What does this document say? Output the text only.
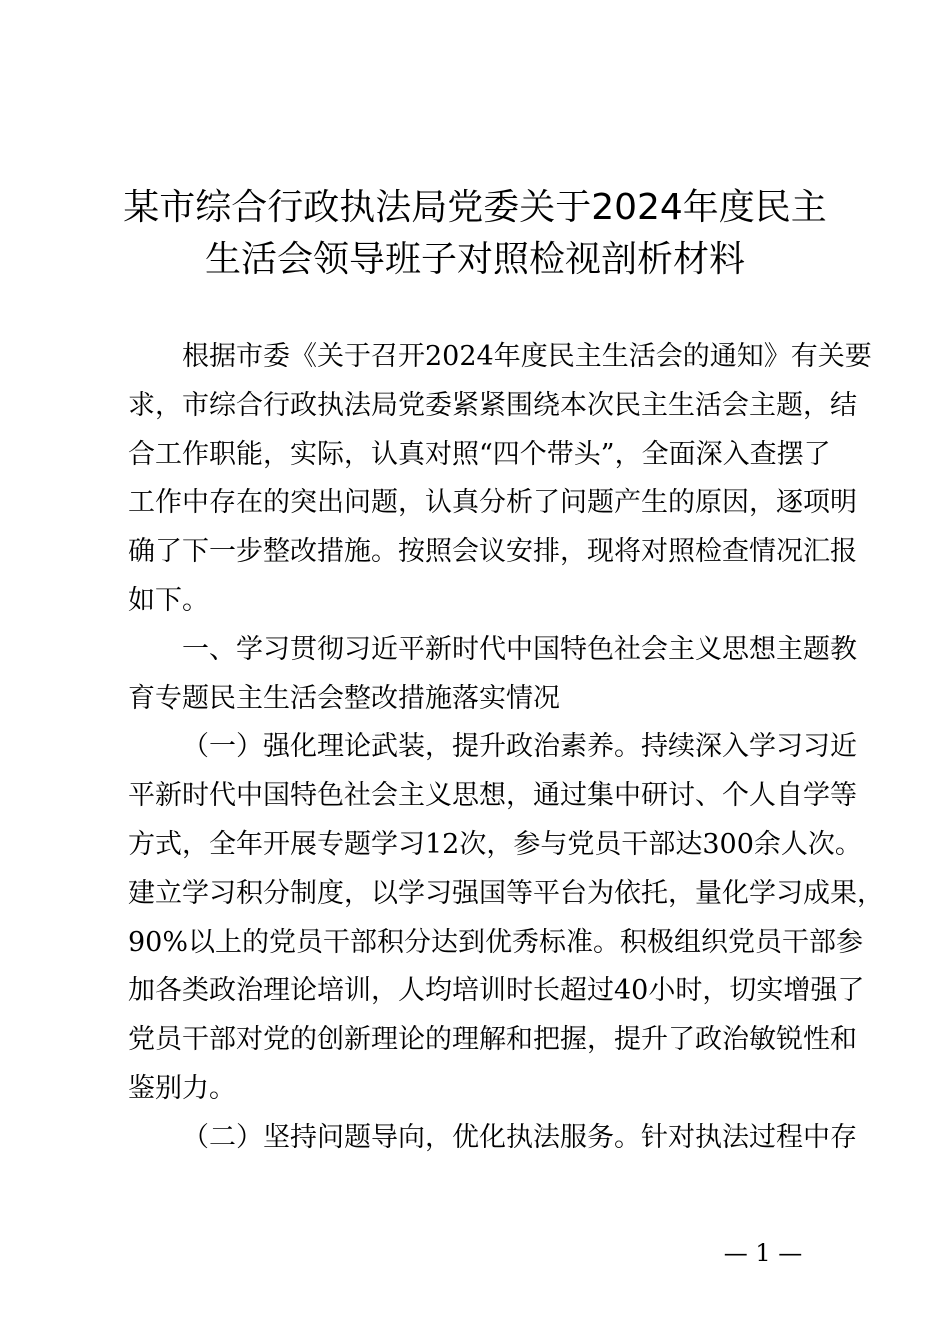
某市综合行政执法局党委关于2024年度民主
生活会领导班子对照检视剖析材料
根据市委《关于召开2024年度民主生活会的通知》有关要
求，市综合行政执法局党委紧紧围绕本次民主生活会主题，结
合工作职能，实际，认真对照“四个带头”，全面深入查摆了
工作中存在的突出问题，认真分析了问题产生的原因，逐项明
确了下一步整改措施。按照会议安排，现将对照检查情况汇报
如下。
一、学习贯彻习近平新时代中国特色社会主义思想主题教
育专题民主生活会整改措施落实情况
（一）强化理论武装，提升政治素养。持续深入学习习近
平新时代中国特色社会主义思想，通过集中研讨、个人自学等
方式，全年开展专题学习12次，参与党员干部达300余人次。
建立学习积分制度，以学习强国等平台为依托，量化学习成果，
90%以上的党员干部积分达到优秀标准。积极组织党员干部参
加各类政治理论培训，人均培训时长超过40小时，切实增强了
党员干部对党的创新理论的理解和把握，提升了政治敏锐性和
鉴别力。
（二）坚持问题导向，优化执法服务。针对执法过程中存
— 1 —
